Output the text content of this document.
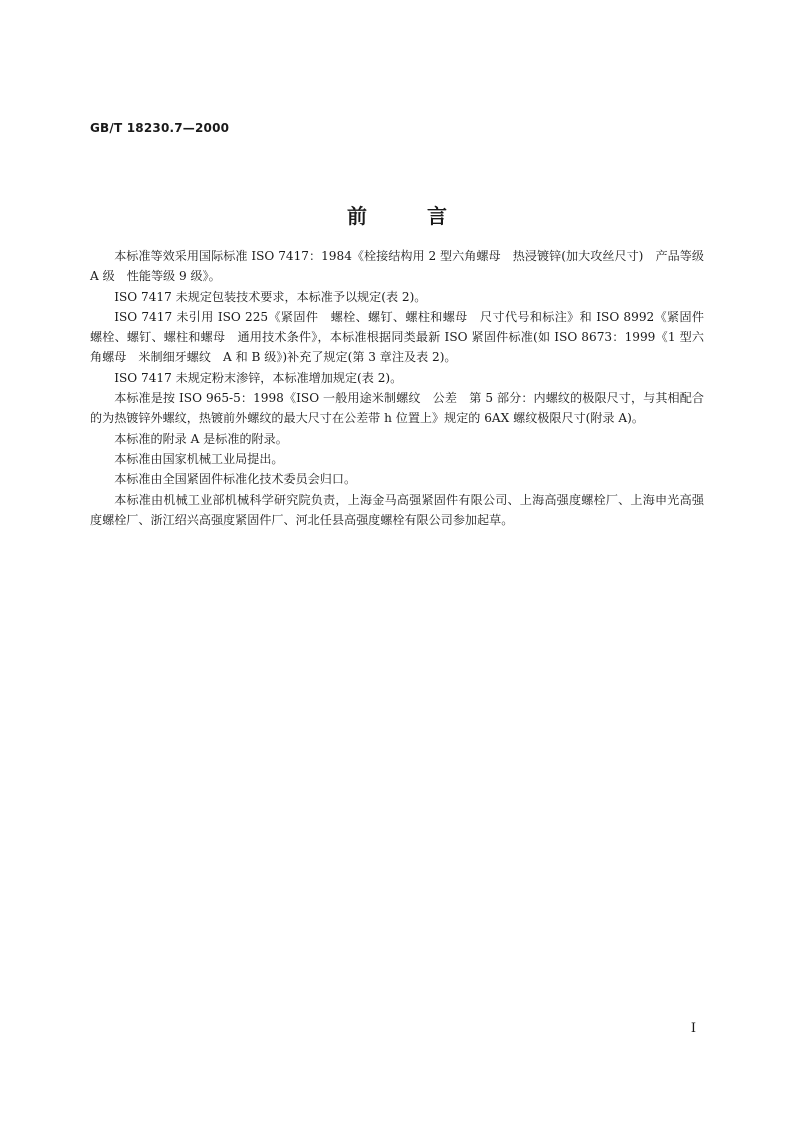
GB/T 18230.7—2000
前	言

本标准等效采用国际标准 ISO 7417：1984《栓接结构用 2 型六角螺母　热浸镀锌(加大攻丝尺寸)　产品等级 A 级　性能等级 9 级》。

ISO 7417 未规定包装技术要求，本标准予以规定(表 2)。

ISO 7417 未引用 ISO 225《紧固件　螺栓、螺钉、螺柱和螺母　尺寸代号和标注》和 ISO 8992《紧固件　螺栓、螺钉、螺柱和螺母　通用技术条件》，本标准根据同类最新 ISO 紧固件标准(如 ISO 8673：1999《1 型六角螺母　米制细牙螺纹　A 和 B 级》)补充了规定(第 3 章注及表 2)。

ISO 7417 未规定粉末渗锌，本标准增加规定(表 2)。

本标准是按 ISO 965-5：1998《ISO 一般用途米制螺纹　公差　第 5 部分：内螺纹的极限尺寸，与其相配合的为热镀锌外螺纹，热镀前外螺纹的最大尺寸在公差带 h 位置上》规定的 6AX 螺纹极限尺寸(附录 A)。

本标准的附录 A 是标准的附录。

本标准由国家机械工业局提出。

本标准由全国紧固件标准化技术委员会归口。

本标准由机械工业部机械科学研究院负责，上海金马高强紧固件有限公司、上海高强度螺栓厂、上海申光高强度螺栓厂、浙江绍兴高强度紧固件厂、河北任县高强度螺栓有限公司参加起草。

I
